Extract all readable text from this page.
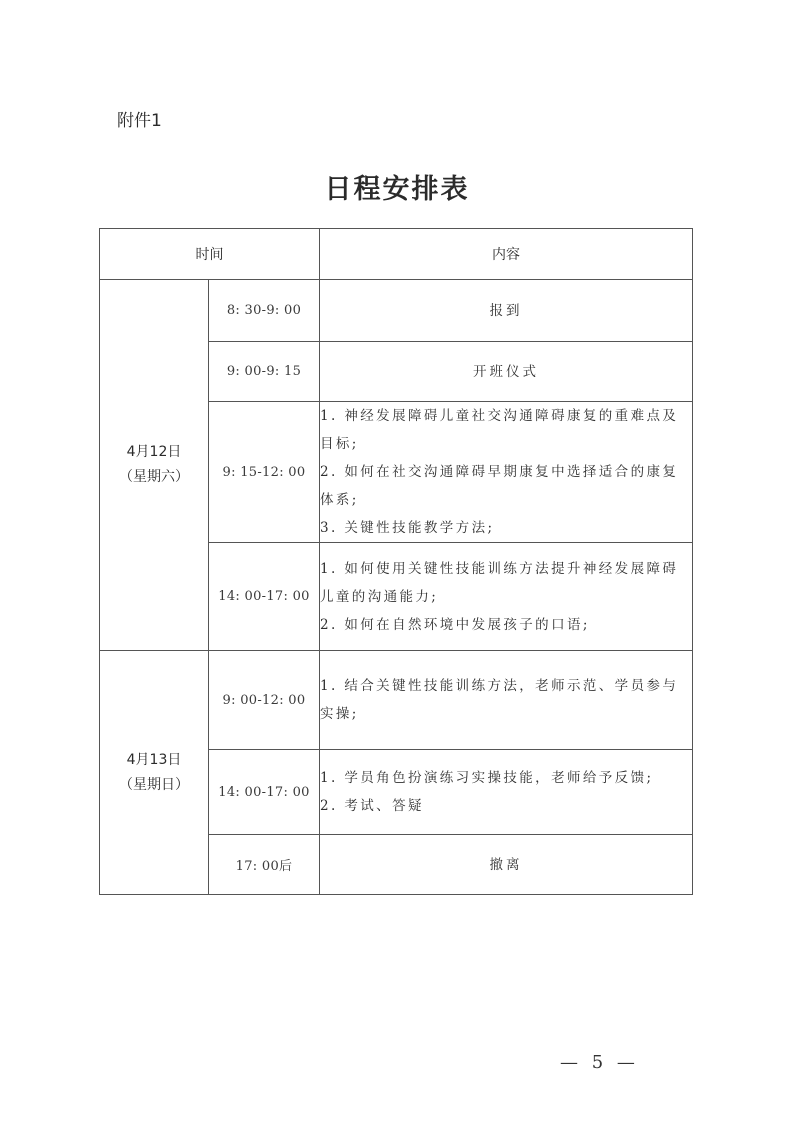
附件1
日程安排表
时间		内容

4月12日
（星期六）	8: 30-9: 00	报到

	9: 00-9: 15	开班仪式

	9: 15-12: 00	1. 神经发展障碍儿童社交沟通障碍康复的重难点及目标;
2. 如何在社交沟通障碍早期康复中选择适合的康复体系;
3. 关键性技能教学方法;

	14: 00-17: 00	1. 如何使用关键性技能训练方法提升神经发展障碍儿童的沟通能力;
2. 如何在自然环境中发展孩子的口语;

4月13日
（星期日）	9: 00-12: 00	1. 结合关键性技能训练方法，老师示范、学员参与实操;

	14: 00-17: 00	1. 学员角色扮演练习实操技能，老师给予反馈;
2. 考试、答疑

	17: 00后	撤离
— 5 —
